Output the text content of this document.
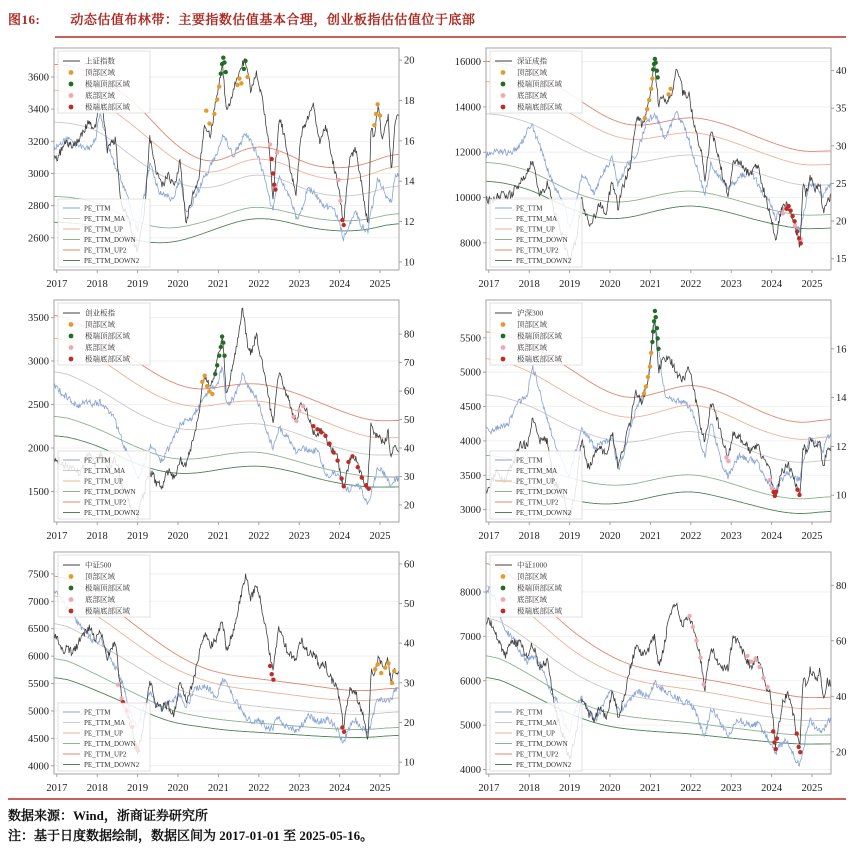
图16: 动态估值布林带：主要指数估值基本合理，创业板指估估值位于底部
2600
2800
3000
3200
3400
3600
10
12
14
16
18
20
2017 2018 2019 2020 2021 2022 2023 2024 2025
上证指数
顶部区域
极端顶部区域
底部区域
极端底部区域
PE_TTM
PE_TTM_MA
PE_TTM_UP
PE_TTM_DOWN
PE_TTM_UP2
PE_TTM_DOWN2
8000
10000
12000
14000
16000
15
20
25
30
35
40
2017 2018 2019 2020 2021 2022 2023 2024 2025
深证成指
顶部区域
极端顶部区域
底部区域
极端底部区域
PE_TTM
PE_TTM_MA
PE_TTM_UP
PE_TTM_DOWN
PE_TTM_UP2
PE_TTM_DOWN2
1500
2000
2500
3000
3500
20
30
40
50
60
70
80
2017 2018 2019 2020 2021 2022 2023 2024 2025
创业板指
顶部区域
极端顶部区域
底部区域
极端底部区域
PE_TTM
PE_TTM_MA
PE_TTM_UP
PE_TTM_DOWN
PE_TTM_UP2
PE_TTM_DOWN2	3000
3500
4000
4500
5000
5500
10
12
14
16
2017 2018 2019 2020 2021 2022 2023 2024 2025
沪深300
顶部区域
极端顶部区域
底部区域
极端底部区域
PE_TTM
PE_TTM_MA
PE_TTM_UP
PE_TTM_DOWN
PE_TTM_UP2
PE_TTM_DOWN2
4000
4500
5000
5500
6000
6500
7000
7500
10
20
30
40
50
60
2017 2018 2019 2020 2021 2022 2023 2024 2025
中证500
顶部区域
极端顶部区域
底部区域
极端底部区域
PE_TTM
PE_TTM_MA
PE_TTM_UP
PE_TTM_DOWN
PE_TTM_UP2
PE_TTM_DOWN2
4000
5000
6000
7000
8000
20
40
60
80
2017 2018 2019 2020 2021 2022 2023 2024 2025
中证1000
顶部区域
极端顶部区域
底部区域
极端底部区域
PE_TTM
PE_TTM_MA
PE_TTM_UP
PE_TTM_DOWN
PE_TTM_UP2
PE_TTM_DOWN2
数据来源：Wind，浙商证券研究所
注：基于日度数据绘制，数据区间为 2017-01-01 至 2025-05-16。
